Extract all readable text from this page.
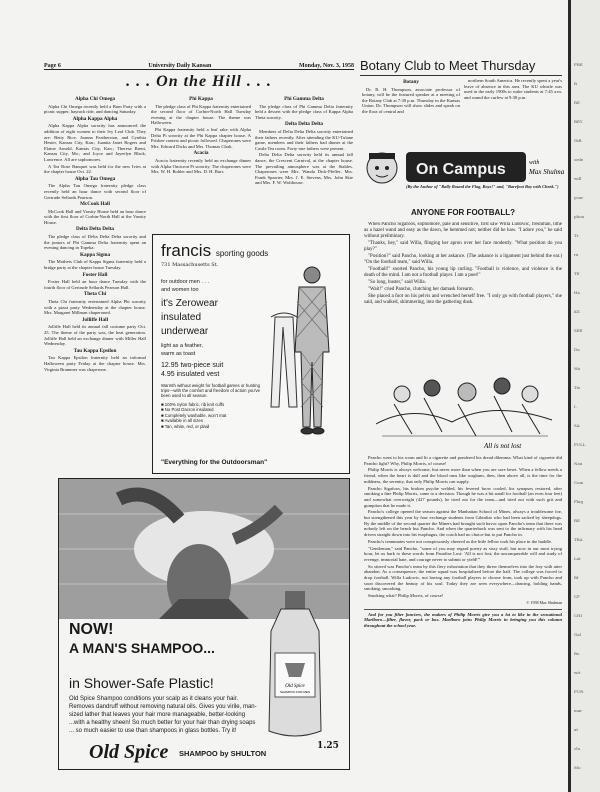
Page 6	University Daily Kansan	Monday, Nov. 3, 1958
. . . On the Hill . . .
Alpha Chi Omega

Alpha Chi Omega recently held a Barn Party with a picnic supper, hayrack ride, and dancing Saturday.

Alpha Kappa Alpha

Alpha Kappa Alpha sorority has announced the addition of eight women to their Ivy Leaf Club. They are: Betty Rice, Joanna Featherston, and Cynthia Hester, Kansas City, Kan.; Juanita Janet Rogers and Elaine Arnold, Kansas City, Kan.; Theresa Brent, Kansas City, Mo.; and Joyce and Jayeelyn Black, Lawrence. All are sophomores.

A Tea Rose Banquet was held for the new Ivies at the chapter house Oct. 22.

Alpha Tau Omega

The Alpha Tau Omega fraternity pledge class recently held an hour dance with second floor of Gertrude Sellards Pearson.

McCook Hall

McCook Hall and Varsity House held an hour dance with the first floor of Corbin-North Hall at the Varsity House.

Delta Delta Delta

The pledge class of Delta Delta Delta sorority and the juniors of Phi Gamma Delta fraternity spent an evening dancing in Topeka.

Kappa Sigma

The Mothers Club of Kappa Sigma fraternity held a bridge party at the chapter house Tuesday.

Foster Hall

Foster Hall held an hour dance Tuesday with the fourth floor of Gertrude Sellards Pearson Hall.

Theta Chi

Theta Chi fraternity entertained Alpha Phi sorority with a pizza party Wednesday at the chapter house. Mrs. Margaret Millman chaperoned.

Jolliffe Hall

Jolliffe Hall held its annual fall costume party Oct. 25. The theme of the party was, the beat generation. Jolliffe Hall held an exchange dinner with Miller Hall Wednesday.

Tau Kappa Epsilon

Tau Kappa Epsilon fraternity held an informal Halloween party Friday at the chapter house. Mrs. Virginia Brammer was chaperone.

Phi Kappa

The pledge class of Phi Kappa fraternity entertained the second floor of Corbin-North Hall Tuesday evening at the chapter house. The theme was Halloween.

Phi Kappa fraternity held a leaf rake with Alpha Delta Pi sorority at the Phi Kappa chapter house. A Frisbee contest and picnic followed. Chaperones were Mrs. Edward Dicks and Mrs. Thomas Clark.

Acacia

Acacia fraternity recently held an exchange dinner with Alpha Omicron Pi sorority. The chaperones were Mrs. W. H. Bohler and Mrs. D. H. Burr.

Phi Gamma Delta

The pledge class of Phi Gamma Delta fraternity held a dessert with the pledge class of Kappa Alpha Theta sorority.

Delta Delta Delta

Members of Delta Delta Delta sorority entertained their fathers recently. After attending the KU-Tulane game, members and their fathers had dinner at the Castle Tea room. Forty-one fathers were present.

Delta Delta Delta sorority held its annual fall dance, the Crescent Carnival, at the chapter house. The prevailing atmosphere was at the Stables. Chaperones were Mrs. Wanda Dick-Pfeffer, Mrs. Frank Sparrier, Mrs. J. E. Stevens, Mrs. John Skie and Mrs. F. W. Wolthouse.

francis sporting goods
731 Massachusetts St.
for outdoor men . . .
and women too
it's Zerowear
insulated
underwear
light as a feather,
warm as toast
12.95 two-piece suit
4.95 insulated vest
Warmth without weight for football games or hunting trips—with the comfort and freedom of action you've been used to all season.
■ 100% nylon fabric, rib knit cuffs
■ No Post Dacron insulated
■ Completely washable, won't mat
■ Available in all sizes
■ Tan, white, red, or plaid
"Everything for the Outdoorsman"
NOW!
A MAN'S SHAMPOO...
in Shower-Safe Plastic!
Old Spice Shampoo conditions your scalp as it cleans your hair. Removes dandruff without removing natural oils. Gives you virile, man-sized lather that leaves your hair more manageable, better-looking ...with a healthy sheen! So much better for your hair than drying soaps ... so much easier to use than shampoos in glass bottles. Try it!
Old Spice SHAMPOO by SHULTON
Old Spice
SHAMPOO FOR MEN
1.25
Botany Club to Meet Thursday
Botany

Dr. R. H. Thompson, associate professor of botany, will be the featured speaker at a meeting of the Botany Club at 7:30 p.m. Thursday in the Kansas Union. Dr. Thompson will show slides and speak on the flora of central and

northern South America. He recently spent a year's leave of absence in this area. The KU whistle was used in the early 1900s to wake students at 7:45 a.m. and sound the curfew at 9:30 p.m.

On Campus	with
Max Shulman
(By the Author of "Rally Round the Flag, Boys!" and, "Barefoot Boy with Cheek.")
ANYONE FOR FOOTBALL?

When Pancho Sigafoos, sophomore, pale and sensitive, first saw Willa Ludowic, freshman, lithe as a hazel wand and easy as the dawn, he hemmed not; neither did he haw. "I adore you," he said without preliminary.

"Thanks, hey," said Willa, flinging her apron over her face modestly. "What position do you play?"

"Position?" said Pancho, looking at her askance. (The askance is a ligament just behind the ear.) "On the football team," said Willa.

"Football!" snorted Pancho, his young lip curling. "Football is violence, and violence is the death of the mind. I am not a football player. I am a poet!"

"So long, buster," said Willa.

"Wait!" cried Pancho, clutching her damask forearm.

She placed a foot on his pelvis and wrenched herself free. "I only go with football players," she said, and walked, shimmering, into the gathering dusk.

All is not lost

Pancho went to his room and lit a cigarette and pondered his dread dilemma. What kind of cigarette did Pancho light? Why, Philip Morris, of course!

Philip Morris is always welcome, but never more than when you are sore beset. When a fellow needs a friend, when the heart is dull and the blood runs like sorghum, then, then above all, is the time for the mildness, the serenity, that only Philip Morris can supply.

Pancho Sigafoos, his broken psyche welded, his fevered brow cooled, his synapses restored, after smoking a fine Philip Morris, came to a decision. Though he was a bit small for football (an even four feet) and somewhat overweight (427 pounds), he tried out for the team—and tried out with such grit and gumption that he made it.

Pancho's college opened the season against the Manhattan School of Mines, always a troublesome foe, but strengthened this year by four exchange students from Gibraltar who had been sacked by sheepdogs. By the middle of the second quarter the Miners had brought such havoc upon Pancho's team that there was nobody left on the bench but Pancho. And when the quarterback was sent to the infirmary with his head driven straight down into his esophagus, the coach had no choice but to put Pancho in.

Pancho's teammates were not conspicuously cheered as the little fellow took his place in the huddle.

"Gentleman," said Pancho, "some of you may regard poetry as sissy stuff, but now in our most trying hour, let us hark to these words from Paradise Lost: 'All is not lost; the unconquerable will and study of revenge, immortal hate, and courage never to submit or yield!'"

So stirred was Pancho's team by this fiery exhortation that they threw themselves into the fray with utter abandon. As a consequence, the entire squad was hospitalized before the half. The college was forced to drop football. Willa Ludowic, not having any football players to choose from, took up with Pancho and soon discovered the beauty of his soul. Today they are seen everywhere—dancing, holding hands, smoking, smooking.

Smoking what? Philip Morris, of course!

© 1958 Max Shulman

And for you filter fanciers, the makers of Philip Morris give you a lot to like in the sensational Marlboro—filter, flavor, pack or box. Marlboro joins Philip Morris in bringing you this column throughout the school year.

FRE
R
RE
BEY
Gift
orde
will
your
phon
Tr
ru
TE
Ha
KS
SEE
Da
Wa
Tie
I.
SA
FULL
Nau
Com
Flag
RE
TRA
Lat
BI
CF
CHI
Gal
Bo
wit
FUR
mar
at
clu
Mo
